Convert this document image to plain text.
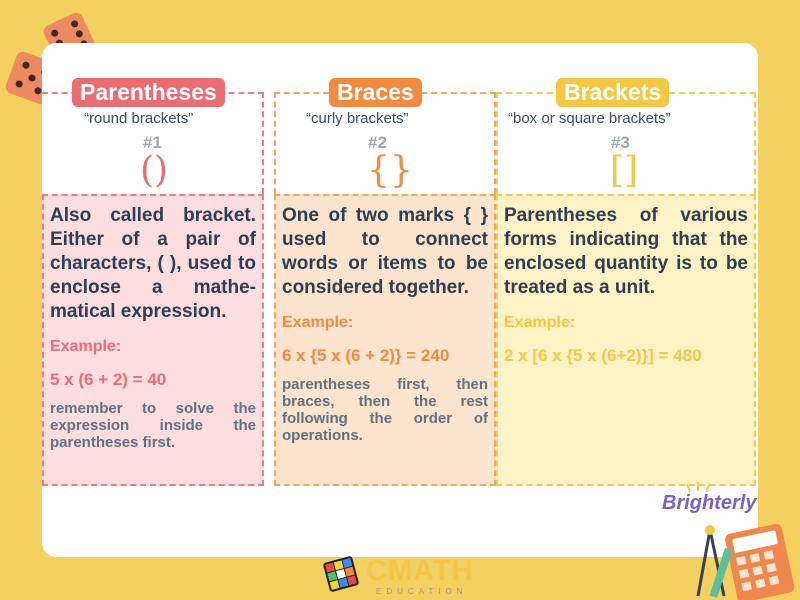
Also called bracket. Either of a pair of characters, ( ), used to enclose a mathe-matical expression.
Example:
5 x (6 + 2) = 40
remember to solve the expression inside the parentheses first.
One of two marks { } used to connect words or items to be considered together.
Example:
6 x {5 x (6 + 2)} = 240
parentheses first, then braces, then the rest following the order of operations.
Parentheses of various forms indicating that the enclosed quantity is to be treated as a unit.
Example:
2 x [6 x {5 x (6+2)}] = 480
Parentheses	Braces	Brackets
“round brackets”	“curly brackets”	“box or square brackets”
#1	#2	#3
()	{}	[]
Brighterly
CMATH
EDUCATION
